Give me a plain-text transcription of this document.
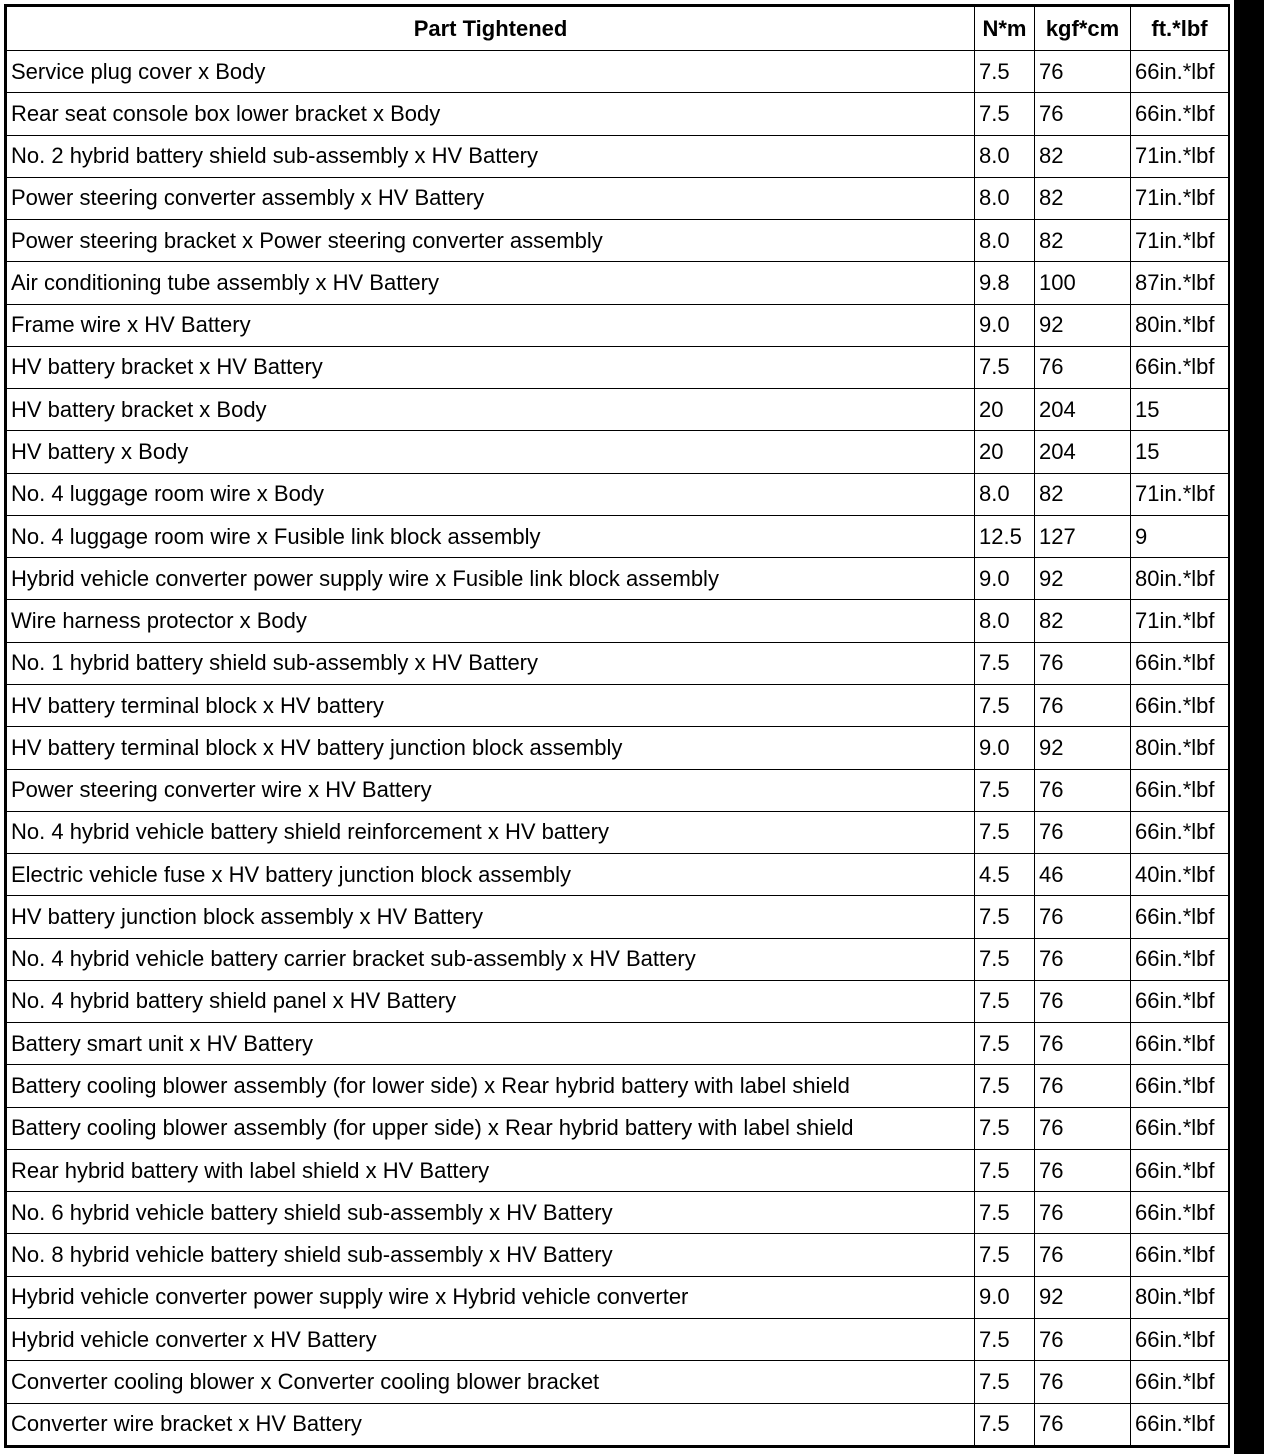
Part Tightened	N*m	kgf*cm	ft.*lbf
Service plug cover x Body	7.5	76	66in.*lbf
Rear seat console box lower bracket x Body	7.5	76	66in.*lbf
No. 2 hybrid battery shield sub-assembly x HV Battery	8.0	82	71in.*lbf
Power steering converter assembly x HV Battery	8.0	82	71in.*lbf
Power steering bracket x Power steering converter assembly	8.0	82	71in.*lbf
Air conditioning tube assembly x HV Battery	9.8	100	87in.*lbf
Frame wire x HV Battery	9.0	92	80in.*lbf
HV battery bracket x HV Battery	7.5	76	66in.*lbf
HV battery bracket x Body	20	204	15
HV battery x Body	20	204	15
No. 4 luggage room wire x Body	8.0	82	71in.*lbf
No. 4 luggage room wire x Fusible link block assembly	12.5	127	9
Hybrid vehicle converter power supply wire x Fusible link block assembly	9.0	92	80in.*lbf
Wire harness protector x Body	8.0	82	71in.*lbf
No. 1 hybrid battery shield sub-assembly x HV Battery	7.5	76	66in.*lbf
HV battery terminal block x HV battery	7.5	76	66in.*lbf
HV battery terminal block x HV battery junction block assembly	9.0	92	80in.*lbf
Power steering converter wire x HV Battery	7.5	76	66in.*lbf
No. 4 hybrid vehicle battery shield reinforcement x HV battery	7.5	76	66in.*lbf
Electric vehicle fuse x HV battery junction block assembly	4.5	46	40in.*lbf
HV battery junction block assembly x HV Battery	7.5	76	66in.*lbf
No. 4 hybrid vehicle battery carrier bracket sub-assembly x HV Battery	7.5	76	66in.*lbf
No. 4 hybrid battery shield panel x HV Battery	7.5	76	66in.*lbf
Battery smart unit x HV Battery	7.5	76	66in.*lbf
Battery cooling blower assembly (for lower side) x Rear hybrid battery with label shield	7.5	76	66in.*lbf
Battery cooling blower assembly (for upper side) x Rear hybrid battery with label shield	7.5	76	66in.*lbf
Rear hybrid battery with label shield x HV Battery	7.5	76	66in.*lbf
No. 6 hybrid vehicle battery shield sub-assembly x HV Battery	7.5	76	66in.*lbf
No. 8 hybrid vehicle battery shield sub-assembly x HV Battery	7.5	76	66in.*lbf
Hybrid vehicle converter power supply wire x Hybrid vehicle converter	9.0	92	80in.*lbf
Hybrid vehicle converter x HV Battery	7.5	76	66in.*lbf
Converter cooling blower x Converter cooling blower bracket	7.5	76	66in.*lbf
Converter wire bracket x HV Battery	7.5	76	66in.*lbf
